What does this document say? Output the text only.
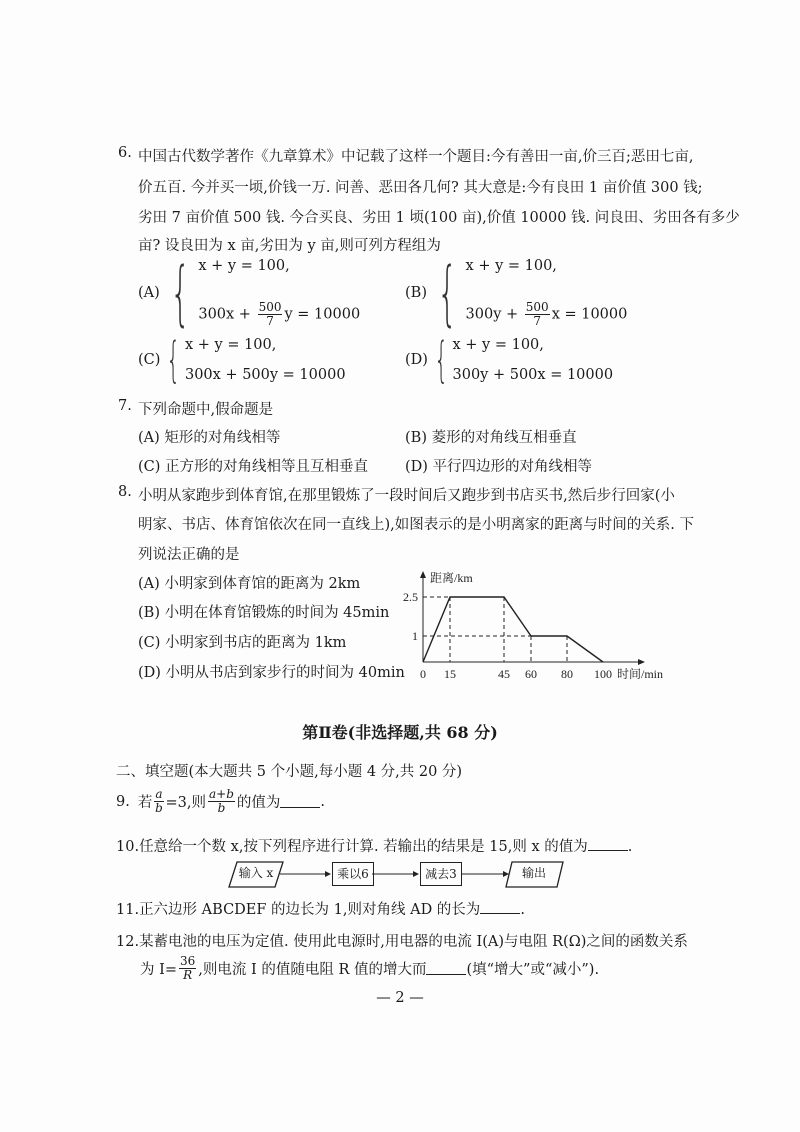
6. 中国古代数学著作《九章算术》中记载了这样一个题目:今有善田一亩,价三百;恶田七亩,
价五百. 今并买一顷,价钱一万. 问善、恶田各几何? 其大意是:今有良田 1 亩价值 300 钱;
劣田 7 亩价值 500 钱. 今合买良、劣田 1 顷(100 亩),价值 10000 钱. 问良田、劣田各有多少
亩? 设良田为 x 亩,劣田为 y 亩,则可列方程组为
(A) { x + y = 100,
$300x + \frac{500}{7}$ y = 10000
(B) { x + y = 100,
$300y + \frac{500}{7}$ x = 10000
(C) { x + y = 100,
300x + 500y = 10000
(D) { x + y = 100,
300y + 500x = 10000
7. 下列命题中,假命题是
(A) 矩形的对角线相等	(B) 菱形的对角线互相垂直
(C) 正方形的对角线相等且互相垂直	(D) 平行四边形的对角线相等
8. 小明从家跑步到体育馆,在那里锻炼了一段时间后又跑步到书店买书,然后步行回家(小
明家、书店、体育馆依次在同一直线上),如图表示的是小明离家的距离与时间的关系. 下
列说法正确的是
(A) 小明家到体育馆的距离为 2km
(B) 小明在体育馆锻炼的时间为 45min
(C) 小明家到书店的距离为 1km
(D) 小明从书店到家步行的时间为 40min
1
2.5
0 15	45 60 80 100 时间/min
距离/km
第Ⅱ卷(非选择题,共 68 分)
二、填空题(本大题共 5 个小题,每小题 4 分,共 20 分)
9. 若 $\frac{a}{b} =3$,则 $\frac{a+b}{b}$ 的值为	.
10.任意给一个数 x,按下列程序进行计算. 若输出的结果是 15,则 x 的值为	.
输入 x	乘以6	减去3	输出
11.正六边形 ABCDEF 的边长为 1,则对角线 AD 的长为	.
12.某蓄电池的电压为定值. 使用此电源时,用电器的电流 I(A)与电阻 R(Ω)之间的函数关系
为 $I= \frac{36}{R}$ ,则电流 I 的值随电阻 R 值的增大而	(填“增大”或“减小”).
— 2 —
